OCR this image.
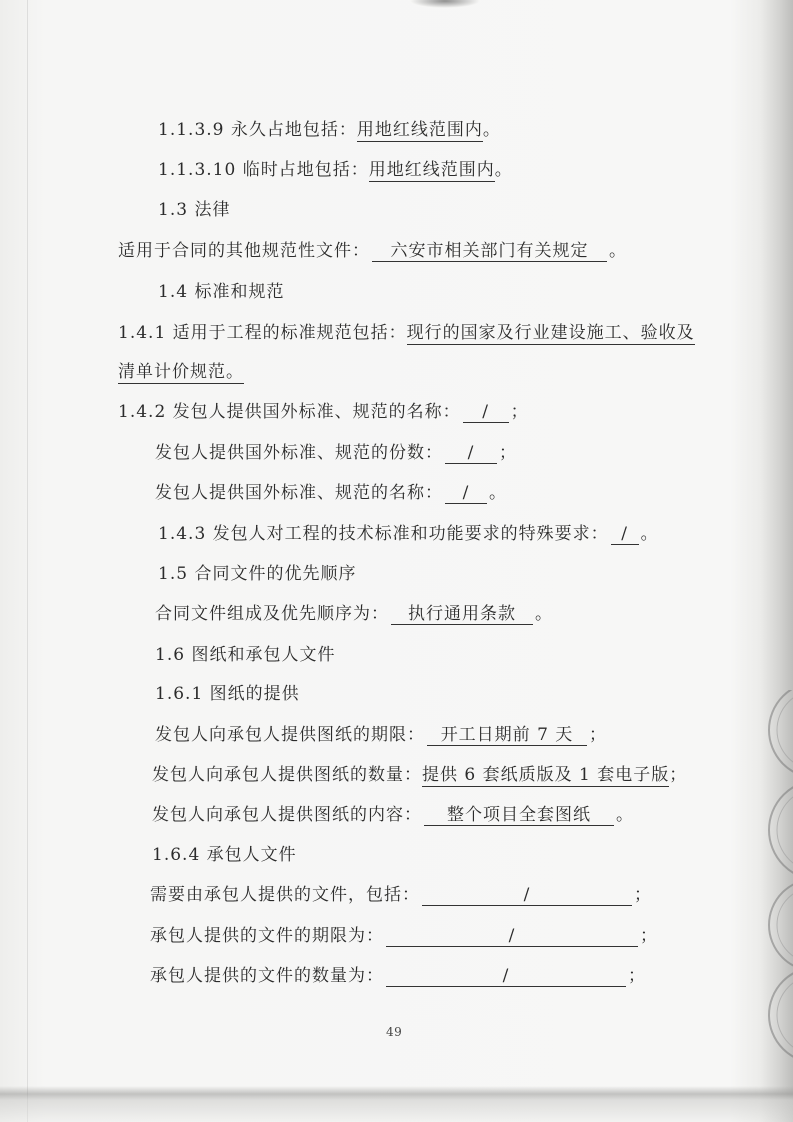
1.1.3.9 永久占地包括：用地红线范围内。
1.1.3.10 临时占地包括：用地红线范围内。
1.3 法律
适用于合同的其他规范性文件： 六安市相关部门有关规定 。
1.4 标准和规范
1.4.1 适用于工程的标准规范包括：现行的国家及行业建设施工、验收及
清单计价规范。
1.4.2 发包人提供国外标准、规范的名称： / ；
发包人提供国外标准、规范的份数： / ；
发包人提供国外标准、规范的名称： / 。
1.4.3 发包人对工程的技术标准和功能要求的特殊要求： / 。
1.5 合同文件的优先顺序
合同文件组成及优先顺序为： 执行通用条款 。
1.6 图纸和承包人文件
1.6.1 图纸的提供
发包人向承包人提供图纸的期限： 开工日期前 7 天 ；
发包人向承包人提供图纸的数量：提供 6 套纸质版及 1 套电子版；
发包人向承包人提供图纸的内容： 整个项目全套图纸 。
1.6.4 承包人文件
需要由承包人提供的文件，包括：	/	；
承包人提供的文件的期限为：	/	；
承包人提供的文件的数量为：	/	；
49
